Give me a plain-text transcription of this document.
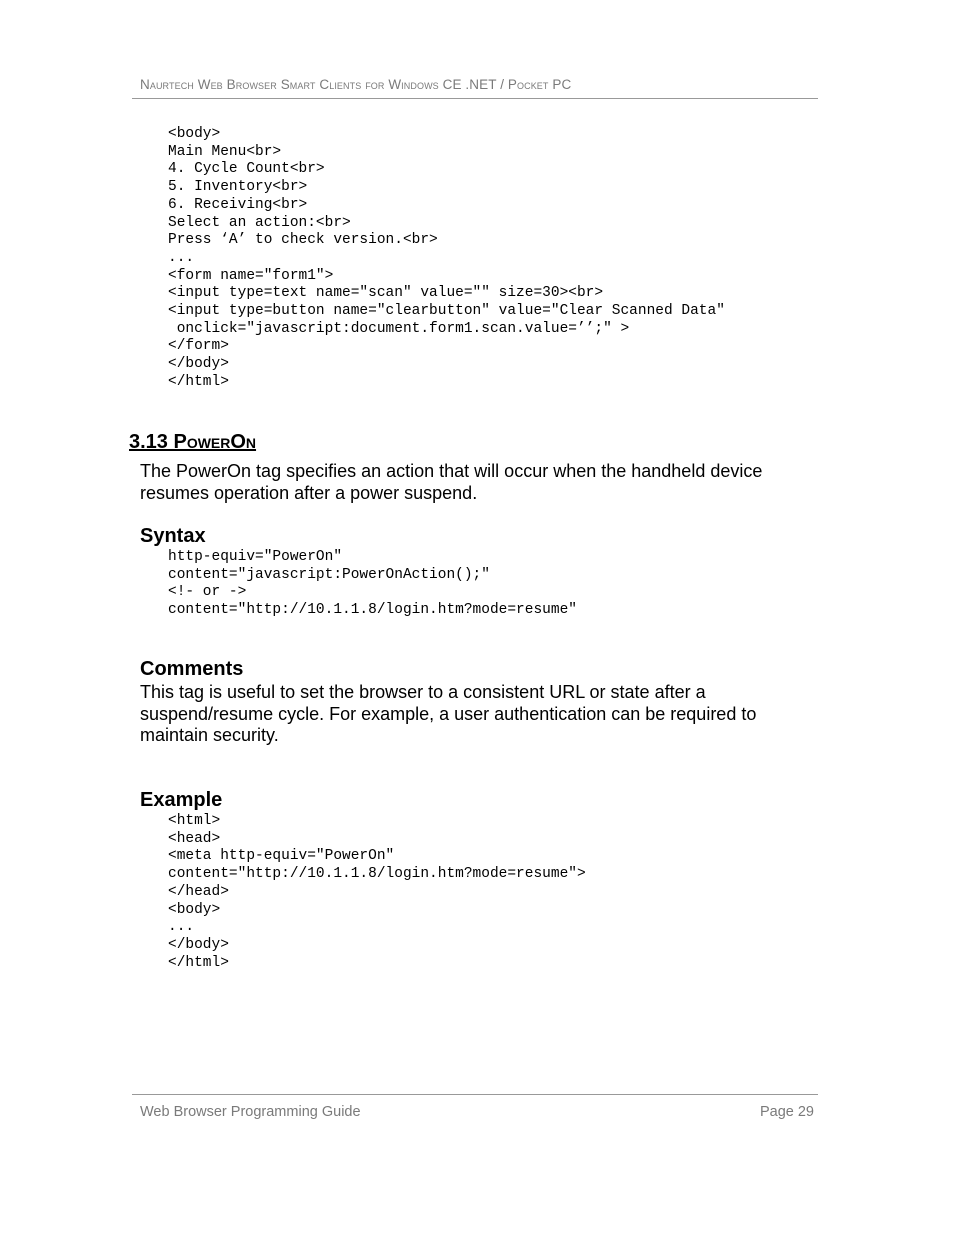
Naurtech Web Browser Smart Clients for Windows CE .NET / Pocket PC
<body>
Main Menu<br>
4. Cycle Count<br>
5. Inventory<br>
6. Receiving<br>
Select an action:<br>
Press ‘A’ to check version.<br>
...
<form name="form1">
<input type=text name="scan" value="" size=30><br>
<input type=button name="clearbutton" value="Clear Scanned Data"
onclick="javascript:document.form1.scan.value=’’;" >
</form>
</body>
</html>
3.13 PowerOn

The PowerOn tag specifies an action that will occur when the handheld device resumes operation after a power suspend.

Syntax
http-equiv="PowerOn"
content="javascript:PowerOnAction();"
<!- or ->
content="http://10.1.1.8/login.htm?mode=resume"
Comments

This tag is useful to set the browser to a consistent URL or state after a suspend/resume cycle. For example, a user authentication can be required to maintain security.

Example
<html>
<head>
<meta http-equiv="PowerOn"
content="http://10.1.1.8/login.htm?mode=resume">
</head>
<body>
...
</body>
</html>
Web Browser Programming Guide	Page 29
